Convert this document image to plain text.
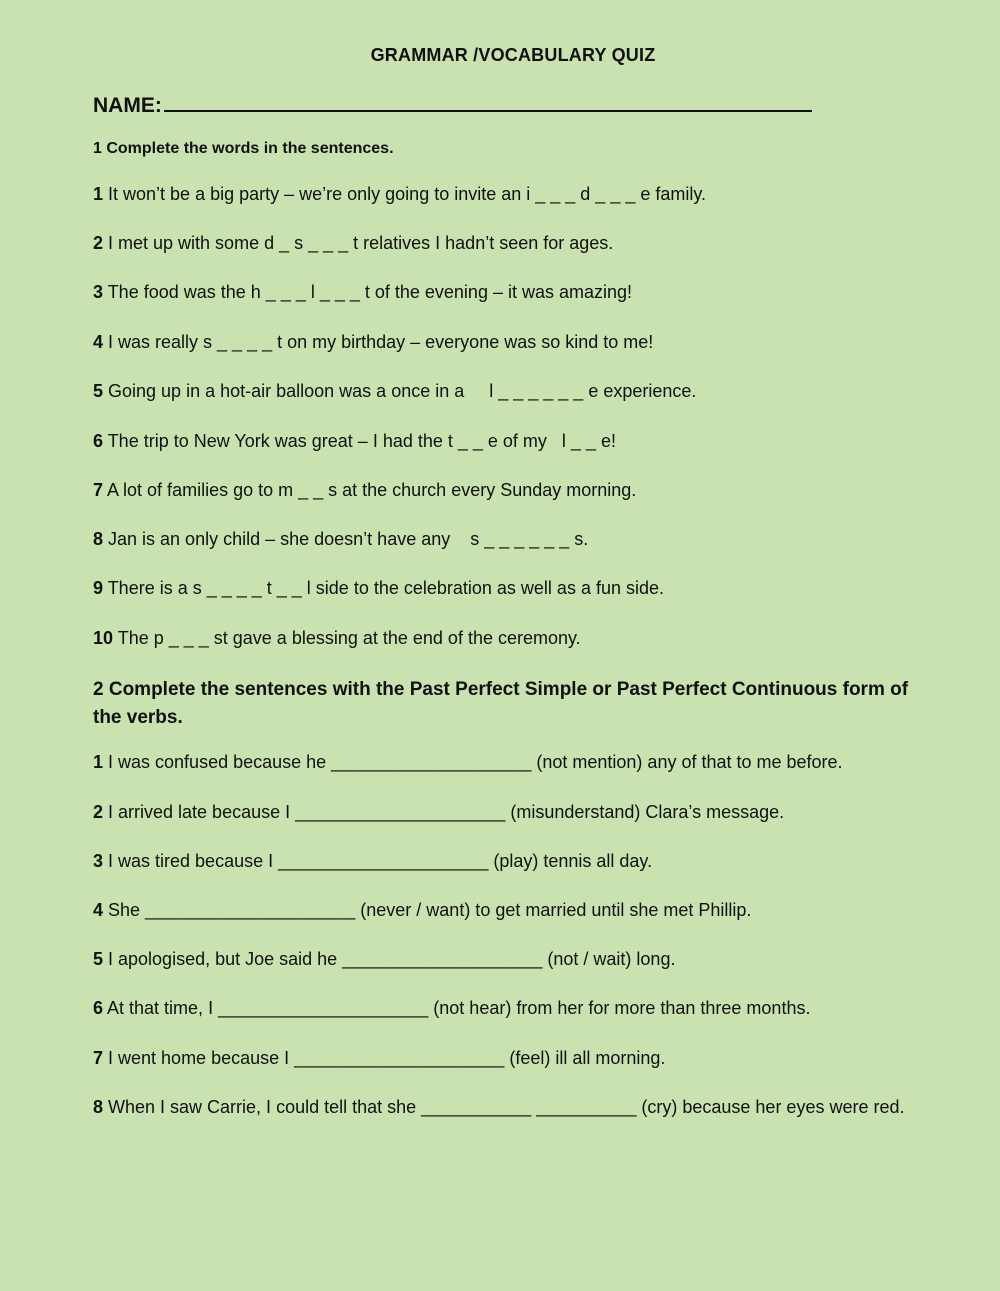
GRAMMAR /VOCABULARY QUIZ
NAME:
1 Complete the words in the sentences.
1 It won’t be a big party – we’re only going to invite an i _ _ _ d _ _ _ e family.
2 I met up with some d _ s _ _ _ t relatives I hadn’t seen for ages.
3 The food was the h _ _ _ l _ _ _ t of the evening – it was amazing!
4 I was really s _ _ _ _ t on my birthday – everyone was so kind to me!
5 Going up in a hot-air balloon was a once in a     l _ _ _ _ _ _ e experience.
6 The trip to New York was great – I had the t _ _ e of my   l _ _ e!
7 A lot of families go to m _ _ s at the church every Sunday morning.
8 Jan is an only child – she doesn’t have any    s _ _ _ _ _ _ s.
9 There is a s _ _ _ _ t _ _ l side to the celebration as well as a fun side.
10 The p _ _ _ st gave a blessing at the end of the ceremony.
2 Complete the sentences with the Past Perfect Simple or Past Perfect Continuous form of the verbs.
1 I was confused because he ____________________ (not mention) any of that to me before.
2 I arrived late because I _____________________ (misunderstand) Clara’s message.
3 I was tired because I _____________________ (play) tennis all day.
4 She _____________________ (never / want) to get married until she met Phillip.
5 I apologised, but Joe said he ____________________ (not / wait) long.
6 At that time, I _____________________ (not hear) from her for more than three months.
7 I went home because I _____________________ (feel) ill all morning.
8 When I saw Carrie, I could tell that she ___________ __________ (cry) because her eyes were red.
